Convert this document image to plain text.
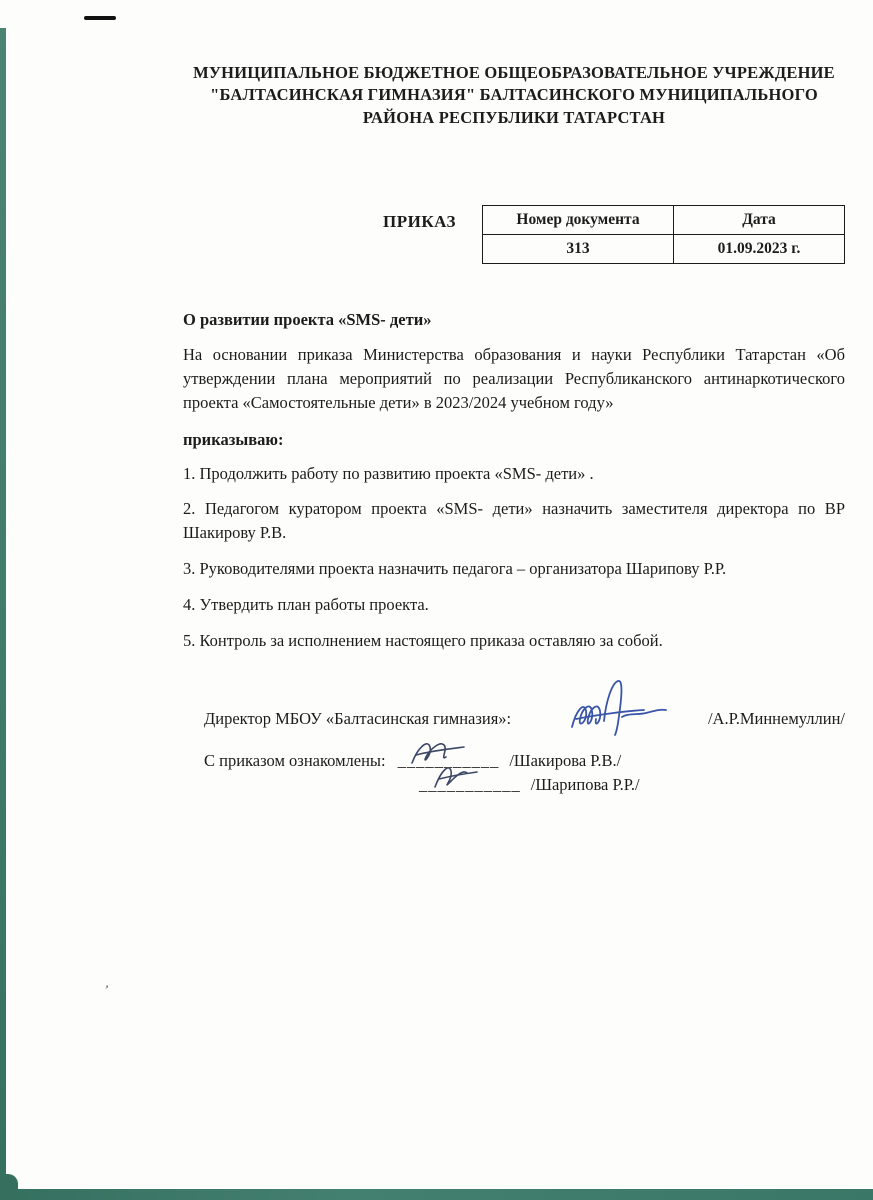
’
МУНИЦИПАЛЬНОЕ БЮДЖЕТНОЕ ОБЩЕОБРАЗОВАТЕЛЬНОЕ УЧРЕЖДЕНИЕ "БАЛТАСИНСКАЯ ГИМНАЗИЯ" БАЛТАСИНСКОГО МУНИЦИПАЛЬНОГО РАЙОНА РЕСПУБЛИКИ ТАТАРСТАН
ПРИКАЗ	Номер документа	Дата
313	01.09.2023 г.
О развитии проекта «SMS- дети»
На основании приказа Министерства образования и науки Республики Татарстан «Об утверждении плана мероприятий по реализации Республиканского антинаркотического проекта «Самостоятельные дети» в 2023/2024 учебном году»
приказываю:
1. Продолжить работу по развитию проекта «SMS- дети» .
2. Педагогом куратором проекта «SMS- дети» назначить заместителя директора по ВР Шакирову Р.В.
3. Руководителями проекта назначить педагога – организатора Шарипову Р.Р.
4. Утвердить план работы проекта.
5. Контроль за исполнением настоящего приказа оставляю за собой.
Директор МБОУ «Балтасинская гимназия»:	/А.Р.Миннемуллин/
С приказом ознакомлены: ___________ /Шакирова Р.В./
___________ /Шарипова Р.Р./
